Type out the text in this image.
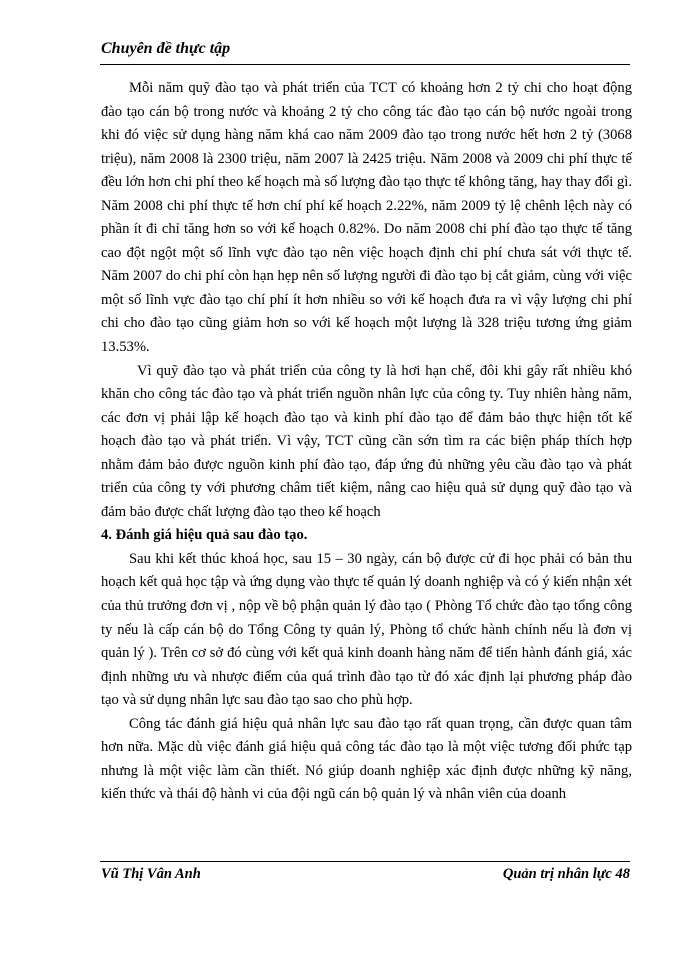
Chuyên đề thực tập

Mỗi năm quỹ đào tạo và phát triển của TCT có khoảng hơn 2 tỷ chi cho hoạt động đào tạo cán bộ trong nước và khoảng 2 tỷ cho công tác đào tạo cán bộ nước ngoài trong khi đó việc sử dụng hàng năm khá cao năm 2009 đào tạo trong nước hết hơn 2 tỷ (3068 triệu), năm 2008 là 2300 triệu, năm 2007 là 2425 triệu. Năm 2008 và 2009 chi phí thực tế đều lớn hơn chi phí theo kế hoạch mà số lượng đào tạo thực tế không tăng, hay thay đổi gì. Năm 2008 chi phí thực tế hơn chí phí kế hoạch 2.22%, năm 2009 tỷ lệ chênh lệch này có phần ít đi chỉ tăng hơn so với kế hoạch 0.82%. Do năm 2008 chi phí đào tạo thực tế tăng cao đột ngột một số lĩnh vực đào tạo nên việc hoạch định chi phí chưa sát với thực tế. Năm 2007 do chi phí còn hạn hẹp nên số lượng người đi đào tạo bị cắt giảm, cùng với việc một số lĩnh vực đào tạo chí phí ít hơn nhiều so với kế hoạch đưa ra vì vậy lượng chi phí chi cho đào tạo cũng giảm hơn so với kế hoạch một lượng là 328 triệu tương ứng giảm 13.53%.

Vì quỹ đào tạo và phát triển của công ty là hơi hạn chế, đôi khi gây rất nhiều khó khăn cho công tác đào tạo và phát triển nguồn nhân lực của công ty. Tuy nhiên hàng năm, các đơn vị phải lập kế hoạch đào tạo và kinh phí đào tạo để đảm bảo thực hiện tốt kế hoạch đào tạo và phát triển. Vì vậy, TCT cũng cần sớn tìm ra các biện pháp thích hợp nhằm đảm bảo được nguồn kinh phí đào tạo, đáp ứng đủ những yêu cầu đào tạo và phát triển của công ty với phương châm tiết kiệm, nâng cao hiệu quả sử dụng quỹ đào tạo và đảm bảo được chất lượng đào tạo theo kế hoạch

4. Đánh giá hiệu quả sau đào tạo.

Sau khi kết thúc khoá học, sau 15 – 30 ngày, cán bộ được cử đi học phải có bản thu hoạch kết quả học tập và ứng dụng vào thực tế quản lý doanh nghiệp và có ý kiến nhận xét của thủ trưởng đơn vị , nộp về bộ phận quản lý đào tạo ( Phòng Tổ chức đào tạo tổng công ty nếu là cấp cán bộ do Tổng Công ty quản lý, Phòng tổ chức hành chính nếu là đơn vị quản lý ). Trên cơ sở đó cùng với kết quả kinh doanh hàng năm để tiến hành đánh giá, xác định những ưu và nhược điểm của quá trình đào tạo từ đó xác định lại phương pháp đào tạo và sử dụng nhân lực sau đào tạo sao cho phù hợp.

Công tác đánh giá hiệu quả nhân lực sau đào tạo rất quan trọng, cần được quan tâm hơn nữa. Mặc dù việc đánh giá hiệu quả công tác đào tạo là một việc tương đối phức tạp nhưng là một việc làm cần thiết. Nó giúp doanh nghiệp xác định được những kỹ năng, kiến thức và thái độ hành vi của đội ngũ cán bộ quản lý và nhân viên của doanh

Vũ Thị Vân Anh	Quản trị nhân lực 48
